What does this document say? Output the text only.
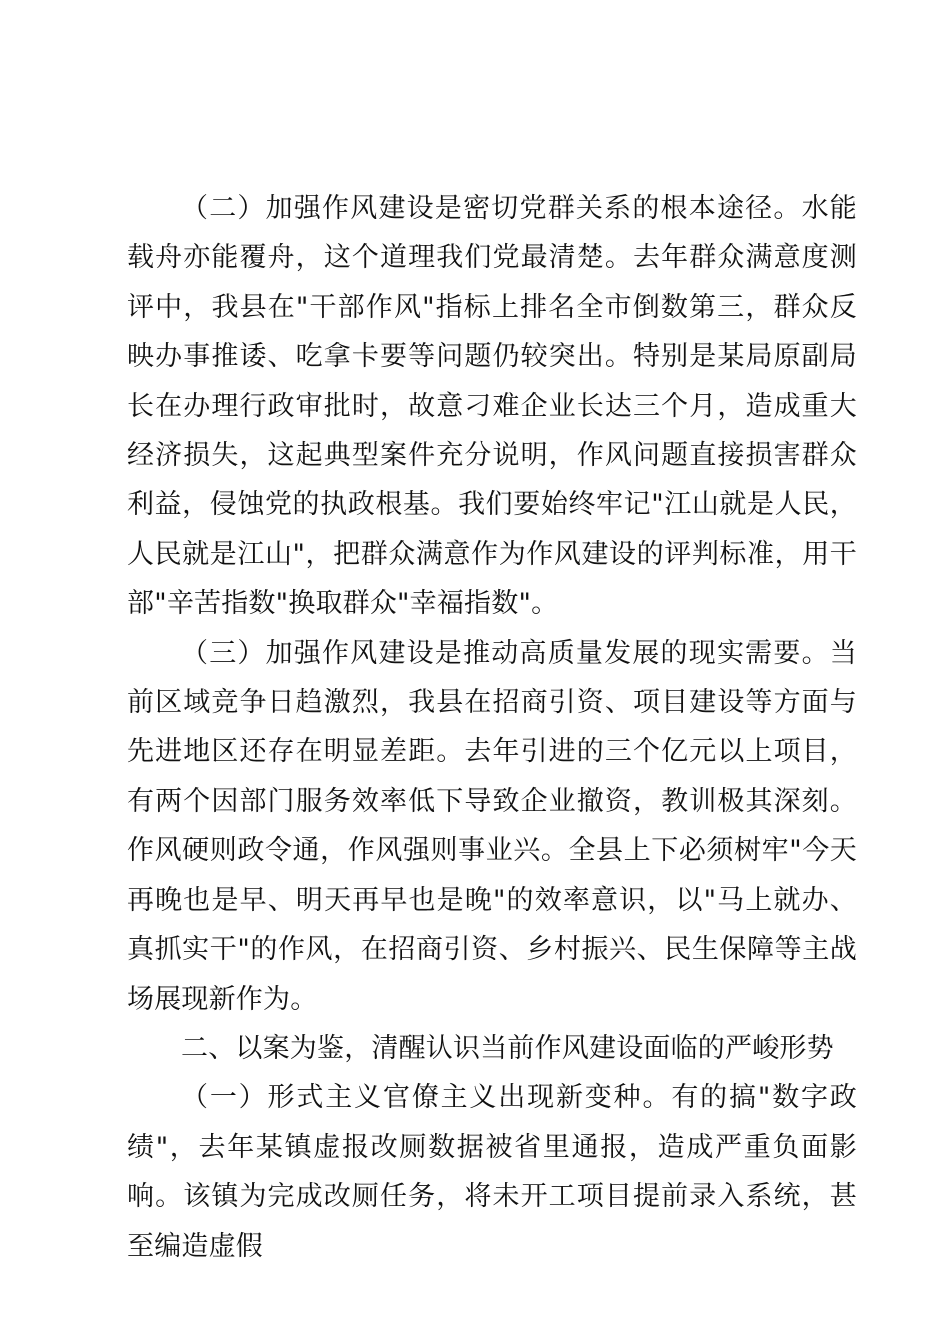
（二）加强作风建设是密切党群关系的根本途径。水能载舟亦能覆舟，这个道理我们党最清楚。去年群众满意度测评中，我县在"干部作风"指标上排名全市倒数第三，群众反映办事推诿、吃拿卡要等问题仍较突出。特别是某局原副局长在办理行政审批时，故意刁难企业长达三个月，造成重大经济损失，这起典型案件充分说明，作风问题直接损害群众利益，侵蚀党的执政根基。我们要始终牢记"江山就是人民，人民就是江山"，把群众满意作为作风建设的评判标准，用干部"辛苦指数"换取群众"幸福指数"。

（三）加强作风建设是推动高质量发展的现实需要。当前区域竞争日趋激烈，我县在招商引资、项目建设等方面与先进地区还存在明显差距。去年引进的三个亿元以上项目，有两个因部门服务效率低下导致企业撤资，教训极其深刻。作风硬则政令通，作风强则事业兴。全县上下必须树牢"今天再晚也是早、明天再早也是晚"的效率意识，以"马上就办、真抓实干"的作风，在招商引资、乡村振兴、民生保障等主战场展现新作为。

二、以案为鉴，清醒认识当前作风建设面临的严峻形势

（一）形式主义官僚主义出现新变种。有的搞"数字政绩"，去年某镇虚报改厕数据被省里通报，造成严重负面影响。该镇为完成改厕任务，将未开工项目提前录入系统，甚至编造虚假
